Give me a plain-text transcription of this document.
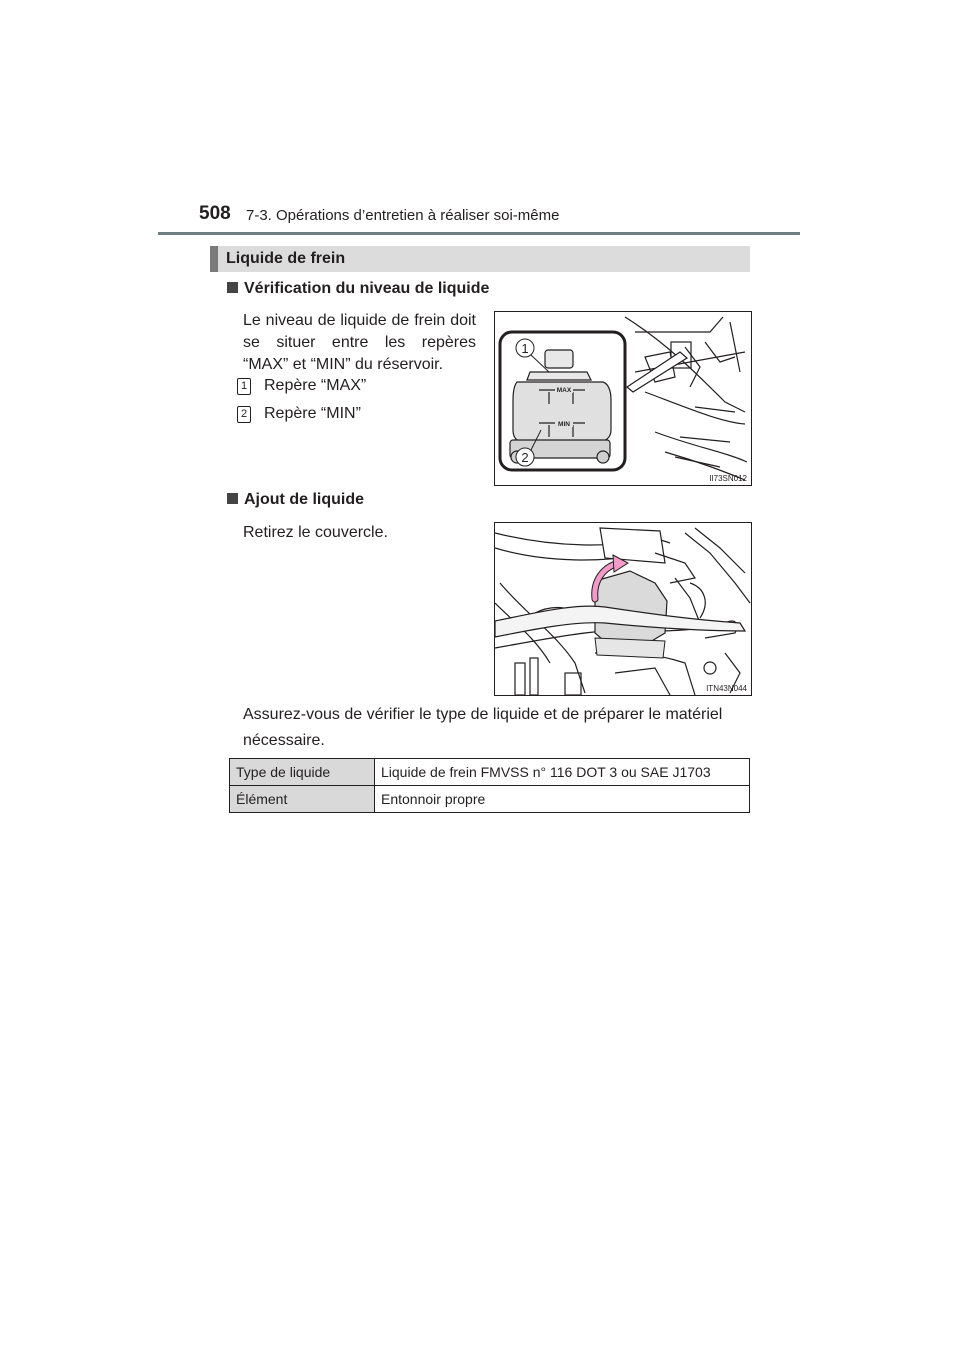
508 7-3. Opérations d’entretien à réaliser soi-même
Liquide de frein
Vérification du niveau de liquide
Le niveau de liquide de frein doit se situer entre les repères “MAX” et “MIN” du réservoir.
1 Repère “MAX”
2 Repère “MIN”
MAX
MIN
1
2
II73SN012
Ajout de liquide
Retirez le couvercle.
ITN43N044
Assurez-vous de vérifier le type de liquide et de préparer le matériel nécessaire.
Type de liquide	Liquide de frein FMVSS n° 116 DOT 3 ou SAE J1703
Élément	Entonnoir propre
